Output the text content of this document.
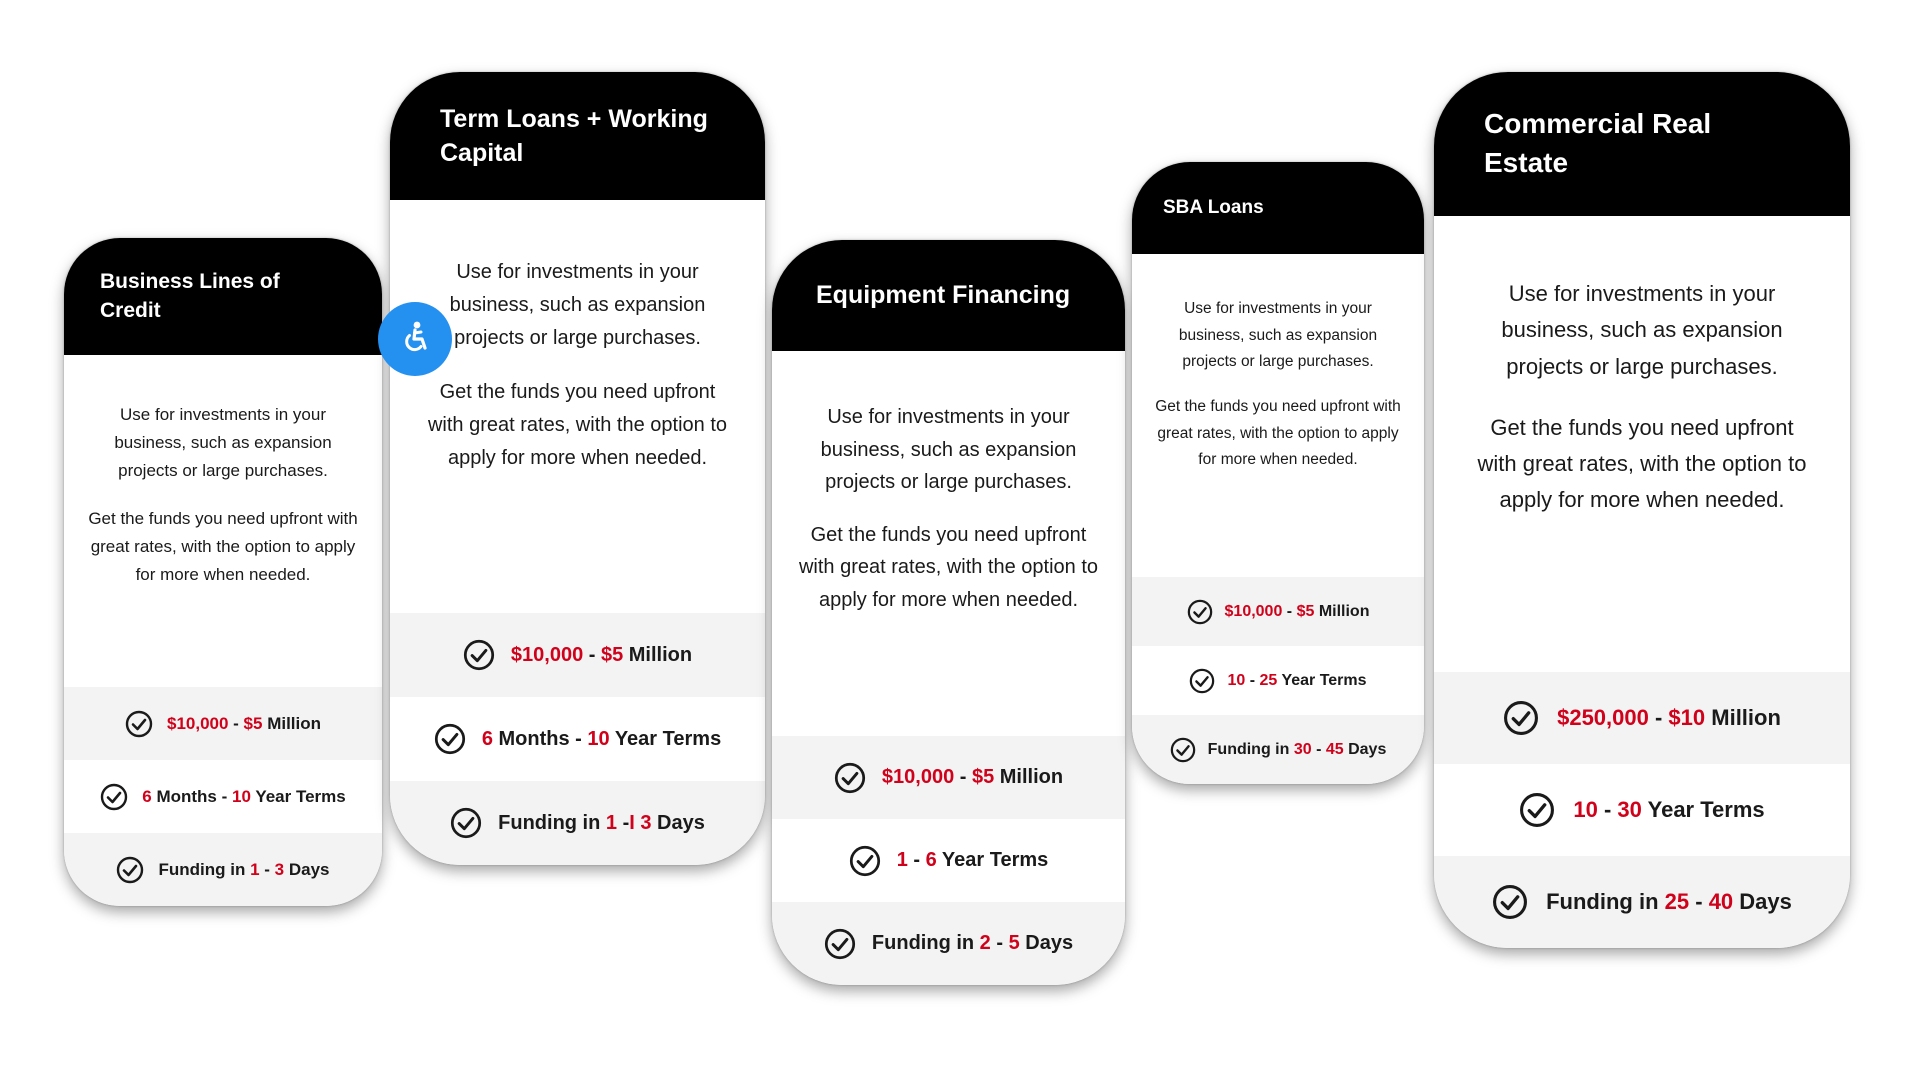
Business Lines of Credit

Use for investments in your business, such as expansion projects or large purchases.

Get the funds you need upfront with great rates, with the option to apply for more when needed.

$10,000 - $5 Million
6 Months - 10 Year Terms
Funding in 1 - 3 Days
Term Loans + Working Capital

Use for investments in your business, such as expansion projects or large purchases.

Get the funds you need upfront with great rates, with the option to apply for more when needed.

$10,000 - $5 Million
6 Months - 10 Year Terms
Funding in 1 -I 3 Days
Equipment Financing

Use for investments in your business, such as expansion projects or large purchases.

Get the funds you need upfront with great rates, with the option to apply for more when needed.

$10,000 - $5 Million
1 - 6 Year Terms
Funding in 2 - 5 Days
SBA Loans

Use for investments in your business, such as expansion projects or large purchases.

Get the funds you need upfront with great rates, with the option to apply for more when needed.

$10,000 - $5 Million
10 - 25 Year Terms
Funding in 30 - 45 Days
Commercial Real Estate

Use for investments in your business, such as expansion projects or large purchases.

Get the funds you need upfront with great rates, with the option to apply for more when needed.

$250,000 - $10 Million
10 - 30 Year Terms
Funding in 25 - 40 Days
